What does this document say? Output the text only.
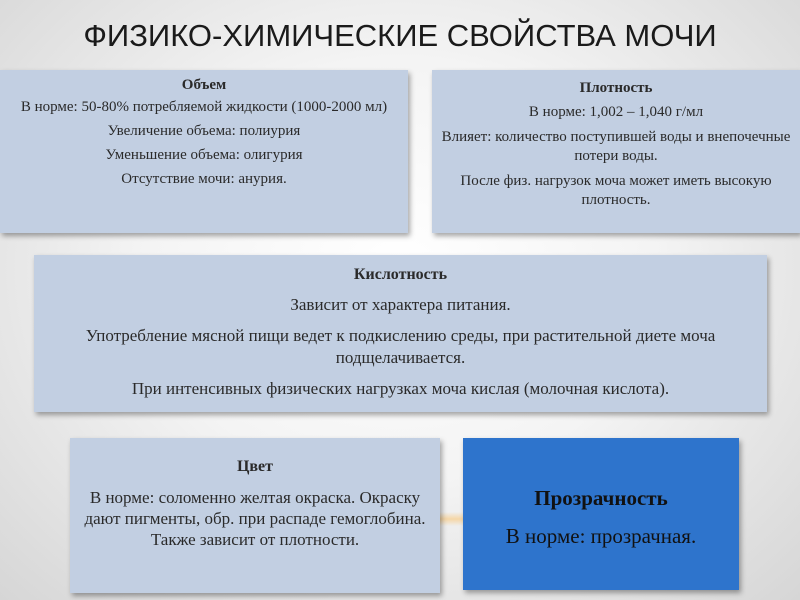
ФИЗИКО-ХИМИЧЕСКИЕ СВОЙСТВА МОЧИ

Объем

В норме: 50-80% потребляемой жидкости (1000-2000 мл)

Увеличение объема: полиурия

Уменьшение объема: олигурия

Отсутствие мочи: анурия.

Плотность

В норме: 1,002 – 1,040 г/мл

Влияет: количество поступившей воды и внепочечные потери воды.

После физ. нагрузок моча может иметь высокую плотность.

Кислотность

Зависит от характера питания.

Употребление мясной пищи ведет к подкислению среды, при растительной диете моча подщелачивается.

При интенсивных физических нагрузках моча кислая (молочная кислота).

Цвет

В норме: соломенно желтая окраска. Окраску дают пигменты, обр. при распаде гемоглобина. Также зависит от плотности.

Прозрачность

В норме: прозрачная.
